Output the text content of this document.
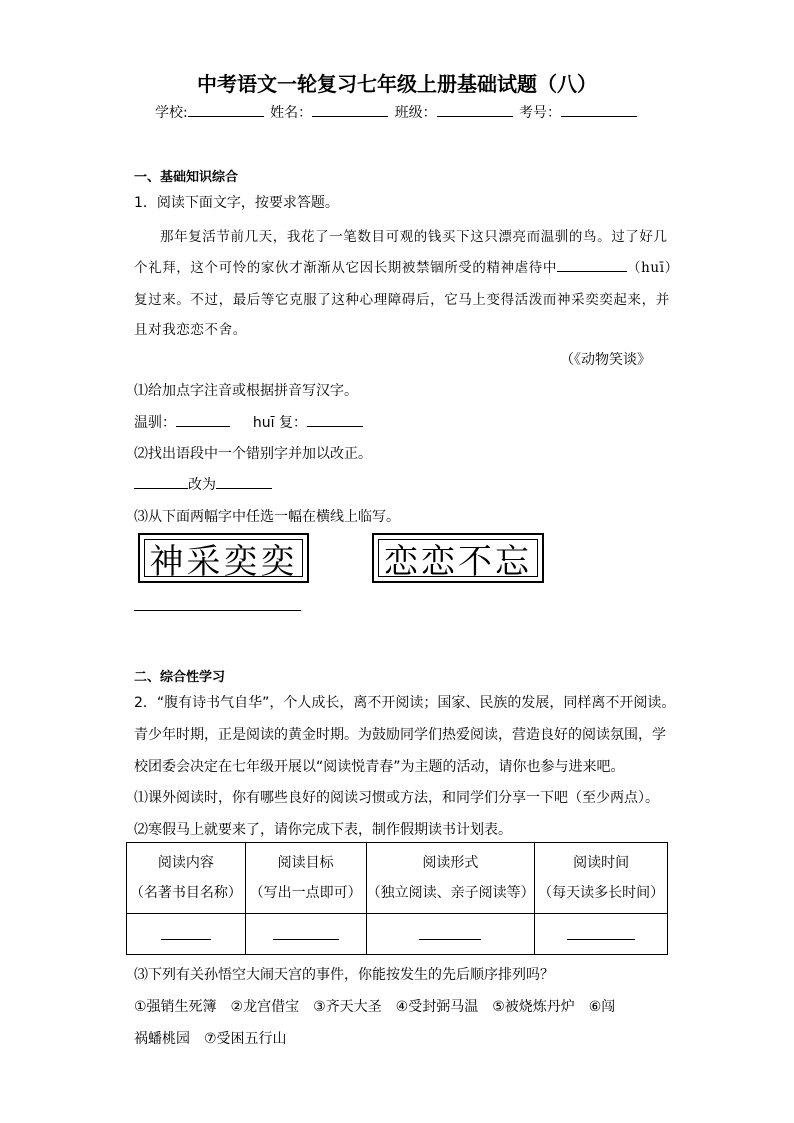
中考语文一轮复习七年级上册基础试题（八）
学校:	姓名：	班级：	考号：
一、基础知识综合
1．阅读下面文字，按要求答题。
那年复活节前几天，我花了一笔数目可观的钱买下这只漂亮而温驯的鸟。过了好几
个礼拜，这个可怜的家伙才渐渐从它因长期被禁锢所受的精神虐待中	（huī）
复过来。不过，最后等它克服了这种心理障碍后，它马上变得活泼而神采奕奕起来，并
且对我恋恋不舍。
（《动物笑谈》
⑴给加点字注音或根据拼音写汉字。
温驯：	huī 复：
⑵找出语段中一个错别字并加以改正。
改为
⑶从下面两幅字中任选一幅在横线上临写。
神采奕奕	恋恋不忘
二、综合性学习
2．“腹有诗书气自华”，个人成长，离不开阅读；国家、民族的发展，同样离不开阅读。
青少年时期，正是阅读的黄金时期。为鼓励同学们热爱阅读，营造良好的阅读氛围，学
校团委会决定在七年级开展以“阅读悦青春”为主题的活动，请你也参与进来吧。
⑴课外阅读时，你有哪些良好的阅读习惯或方法，和同学们分享一下吧（至少两点）。
⑵寒假马上就要来了，请你完成下表，制作假期读书计划表。
阅读内容
（名著书目名称）	阅读目标
（写出一点即可）	阅读形式
（独立阅读、亲子阅读等）	阅读时间
（每天读多长时间）

⑶下列有关孙悟空大闹天宫的事件，你能按发生的先后顺序排列吗？
①强销生死簿　②龙宫借宝　③齐天大圣　④受封弼马温　⑤被烧炼丹炉　⑥闯
祸蟠桃园　⑦受困五行山
